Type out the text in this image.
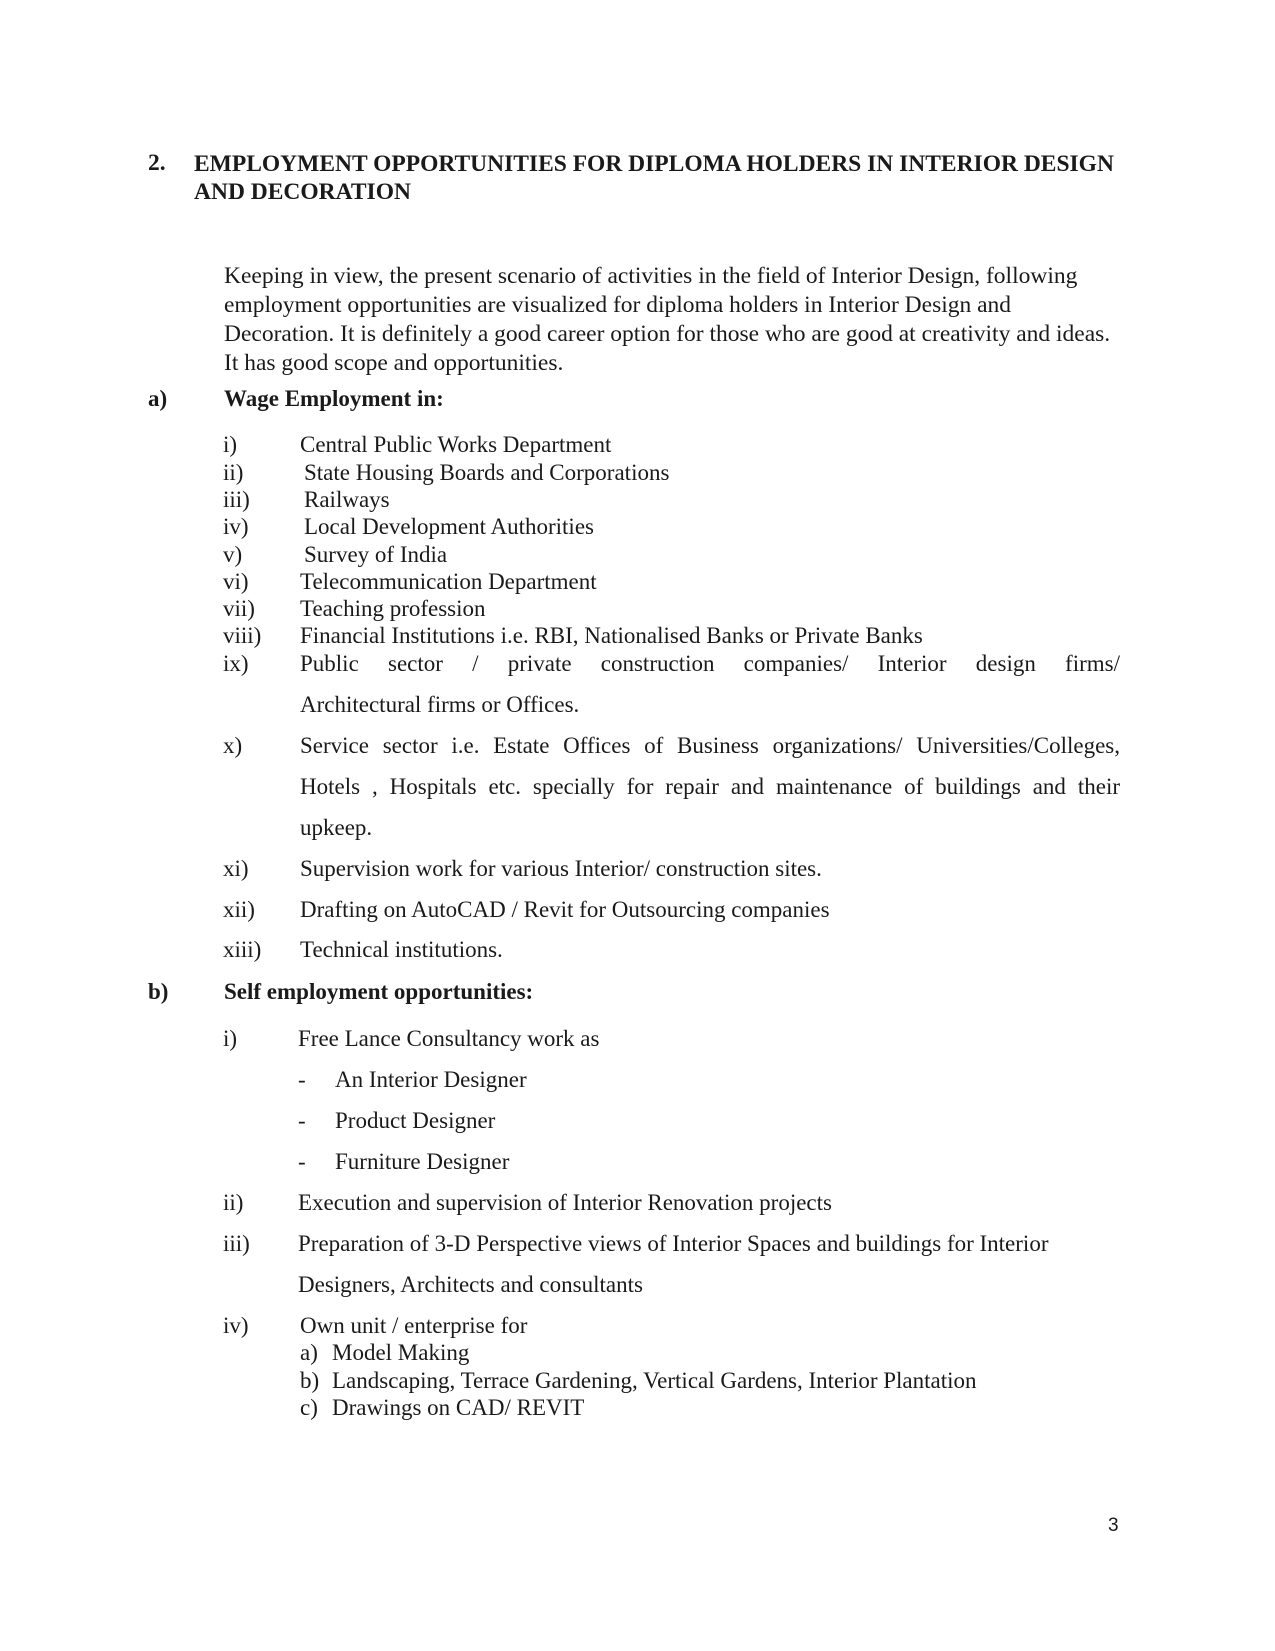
2. EMPLOYMENT OPPORTUNITIES FOR DIPLOMA HOLDERS IN INTERIOR DESIGN AND DECORATION
Keeping in view, the present scenario of activities in the field of Interior Design, following employment opportunities are visualized for diploma holders in Interior Design and Decoration. It is definitely a good career option for those who are good at creativity and ideas. It has good scope and opportunities.
a) Wage Employment in:
i)	Central Public Works Department
ii)	State Housing Boards and Corporations
iii) Railways
iv) Local Development Authorities
v)	Survey of India
vi) Telecommunication Department
vii) Teaching profession
viii) Financial Institutions i.e. RBI, Nationalised Banks or Private Banks
ix) Public sector / private construction companies/ Interior design firms/
Architectural firms or Offices.
x)	Service sector i.e. Estate Offices of Business organizations/ Universities/Colleges,
Hotels , Hospitals etc. specially for repair and maintenance of buildings and their
upkeep.
xi) Supervision work for various Interior/ construction sites.
xii) Drafting on AutoCAD / Revit for Outsourcing companies
xiii) Technical institutions.
b) Self employment opportunities:
i)	Free Lance Consultancy work as
- An Interior Designer
- Product Designer
- Furniture Designer
ii) Execution and supervision of Interior Renovation projects
iii) Preparation of 3-D Perspective views of Interior Spaces and buildings for Interior
Designers, Architects and consultants
iv) Own unit / enterprise for
a) Model Making
b) Landscaping, Terrace Gardening, Vertical Gardens, Interior Plantation
c) Drawings on CAD/ REVIT
3
